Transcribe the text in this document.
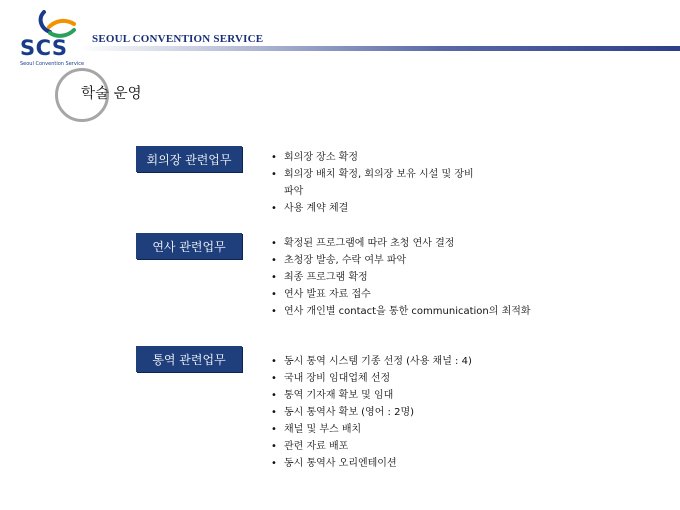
SCS
Seoul Convention Service
SEOUL CONVENTION SERVICE
학술 운영
회의장 관련업무	• 회의장 장소 확정
• 회의장 배치 확정, 회의장 보유 시설 및 장비
파악
• 사용 계약 체결
연사 관련업무	• 확정된 프로그램에 따라 초청 연사 결정
• 초청장 발송, 수락 여부 파악
• 최종 프로그램 확정
• 연사 발표 자료 접수
• 연사 개인별 contact을 통한 communication의 최적화
통역 관련업무	• 동시 통역 시스템 기종 선정 (사용 채널 : 4)
• 국내 장비 임대업체 선정
• 통역 기자재 확보 및 임대
• 동시 통역사 확보 (영어 : 2명)
• 채널 및 부스 배치
• 관련 자료 배포
• 동시 통역사 오리엔테이션
